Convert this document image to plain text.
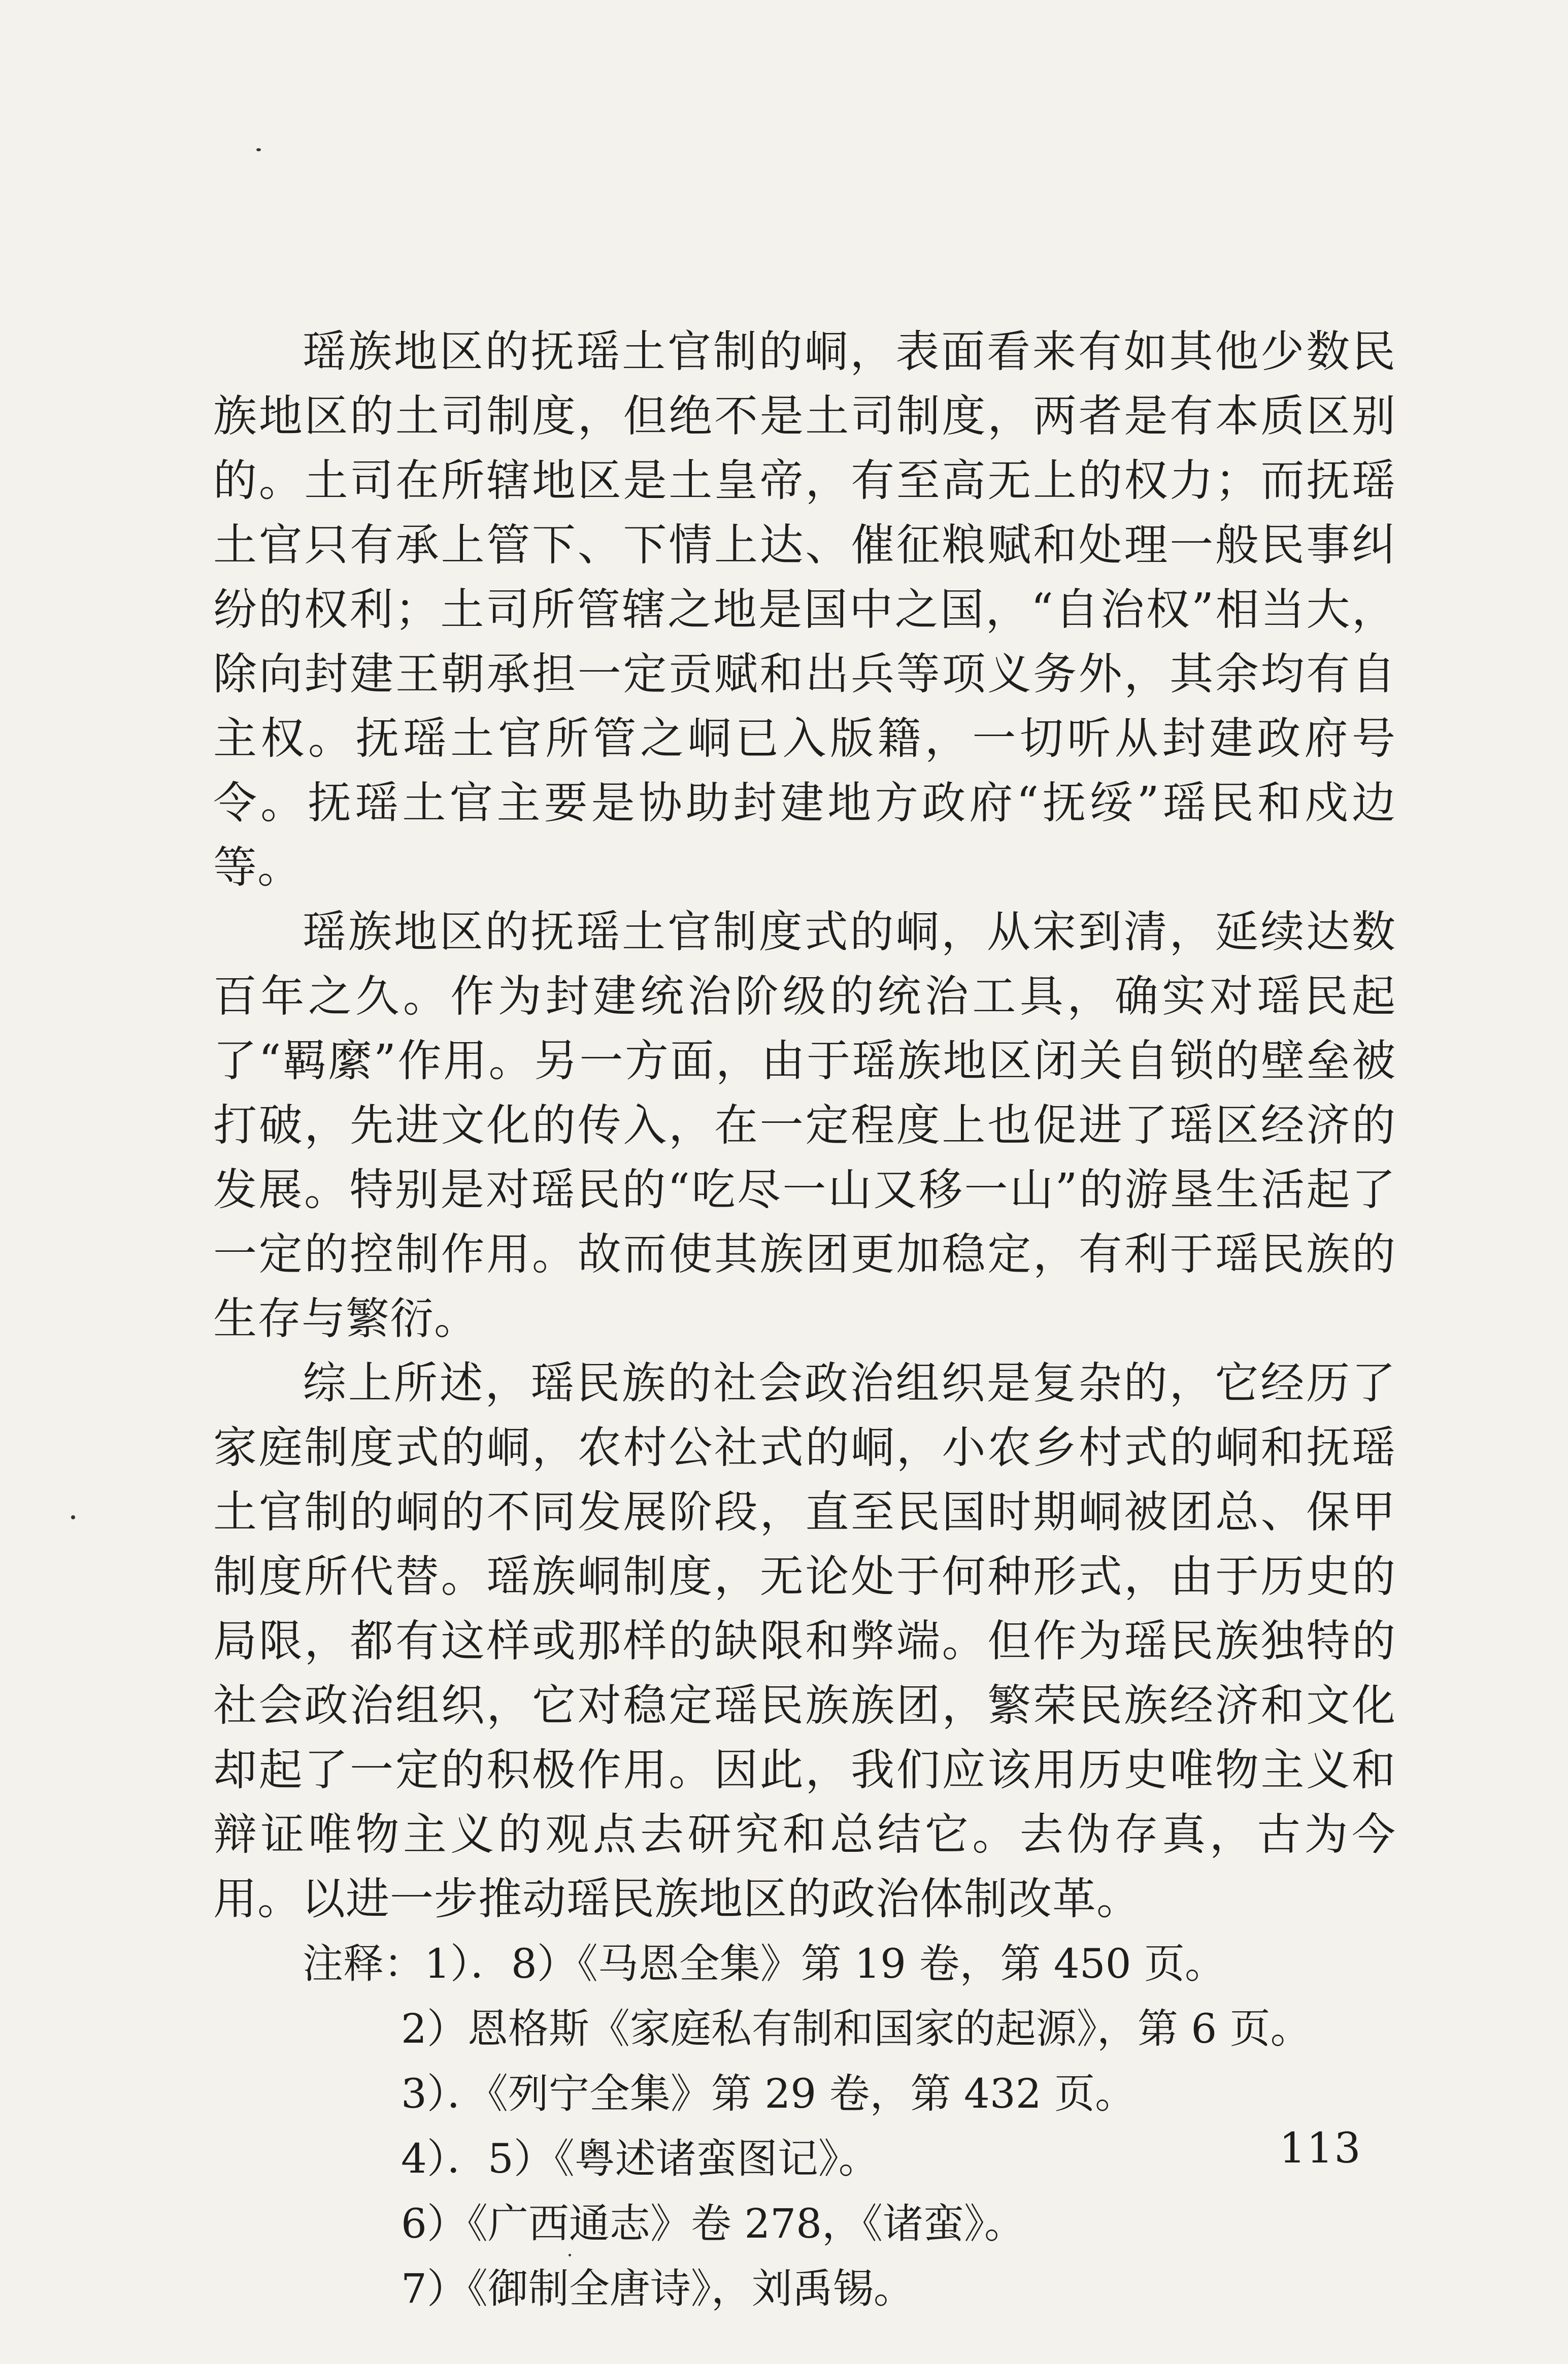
瑶族地区的抚瑶土官制的峒，表面看来有如其他少数民族地区的土司制度，但绝不是土司制度，两者是有本质区别的。土司在所辖地区是土皇帝，有至高无上的权力；而抚瑶土官只有承上管下、下情上达、催征粮赋和处理一般民事纠纷的权利；土司所管辖之地是国中之国，“自治权”相当大，除向封建王朝承担一定贡赋和出兵等项义务外，其余均有自主权。抚瑶土官所管之峒已入版籍，一切听从封建政府号令。抚瑶土官主要是协助封建地方政府“抚绥”瑶民和戍边等。

瑶族地区的抚瑶土官制度式的峒，从宋到清，延续达数百年之久。作为封建统治阶级的统治工具，确实对瑶民起了“羁縻”作用。另一方面，由于瑶族地区闭关自锁的壁垒被打破，先进文化的传入，在一定程度上也促进了瑶区经济的发展。特别是对瑶民的“吃尽一山又移一山”的游垦生活起了一定的控制作用。故而使其族团更加稳定，有利于瑶民族的生存与繁衍。

综上所述，瑶民族的社会政治组织是复杂的，它经历了家庭制度式的峒，农村公社式的峒，小农乡村式的峒和抚瑶土官制的峒的不同发展阶段，直至民国时期峒被团总、保甲制度所代替。瑶族峒制度，无论处于何种形式，由于历史的局限，都有这样或那样的缺限和弊端。但作为瑶民族独特的社会政治组织，它对稳定瑶民族族团，繁荣民族经济和文化却起了一定的积极作用。因此，我们应该用历史唯物主义和辩证唯物主义的观点去研究和总结它。去伪存真，古为今用。以进一步推动瑶民族地区的政治体制改革。

注释：1）．8）《马恩全集》第 19 卷，第 450 页。

2）恩格斯《家庭私有制和国家的起源》，第 6 页。

3）．《列宁全集》第 29 卷，第 432 页。

4）．5）《粤述诸蛮图记》。

6）《广西通志》卷 278，《诸蛮》。

7）《御制全唐诗》，刘禹锡。

113
